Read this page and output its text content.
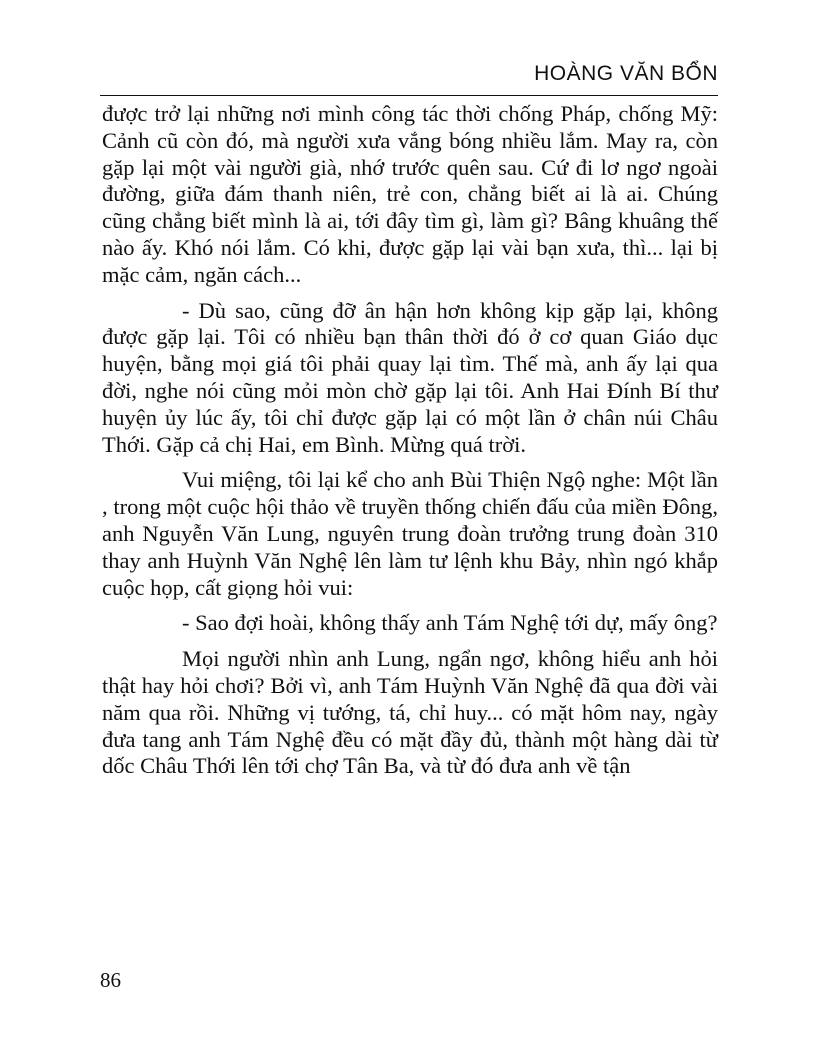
HOÀNG VĂN BỔN

được trở lại những nơi mình công tác thời chống Pháp, chống Mỹ: Cảnh cũ còn đó, mà người xưa vắng bóng nhiều lắm. May ra, còn gặp lại một vài người già, nhớ trước quên sau. Cứ đi lơ ngơ ngoài đường, giữa đám thanh niên, trẻ con, chẳng biết ai là ai. Chúng cũng chẳng biết mình là ai, tới đây tìm gì, làm gì? Bâng khuâng thế nào ấy. Khó nói lắm. Có khi, được gặp lại vài bạn xưa, thì... lại bị mặc cảm, ngăn cách...

- Dù sao, cũng đỡ ân hận hơn không kịp gặp lại, không được gặp lại. Tôi có nhiều bạn thân thời đó ở cơ quan Giáo dục huyện, bằng mọi giá tôi phải quay lại tìm. Thế mà, anh ấy lại qua đời, nghe nói cũng mỏi mòn chờ gặp lại tôi. Anh Hai Đính Bí thư huyện ủy lúc ấy, tôi chỉ được gặp lại có một lần ở chân núi Châu Thới. Gặp cả chị Hai, em Bình. Mừng quá trời.

Vui miệng, tôi lại kể cho anh Bùi Thiện Ngộ nghe: Một lần , trong một cuộc hội thảo về truyền thống chiến đấu của miền Đông, anh Nguyễn Văn Lung, nguyên trung đoàn trưởng trung đoàn 310 thay anh Huỳnh Văn Nghệ lên làm tư lệnh khu Bảy, nhìn ngó khắp cuộc họp, cất giọng hỏi vui:

- Sao đợi hoài, không thấy anh Tám Nghệ tới dự, mấy ông?

Mọi người nhìn anh Lung, ngẩn ngơ, không hiểu anh hỏi thật hay hỏi chơi? Bởi vì, anh Tám Huỳnh Văn Nghệ đã qua đời vài năm qua rồi. Những vị tướng, tá, chỉ huy... có mặt hôm nay, ngày đưa tang anh Tám Nghệ đều có mặt đầy đủ, thành một hàng dài từ dốc Châu Thới lên tới chợ Tân Ba, và từ đó đưa anh về tận

86
